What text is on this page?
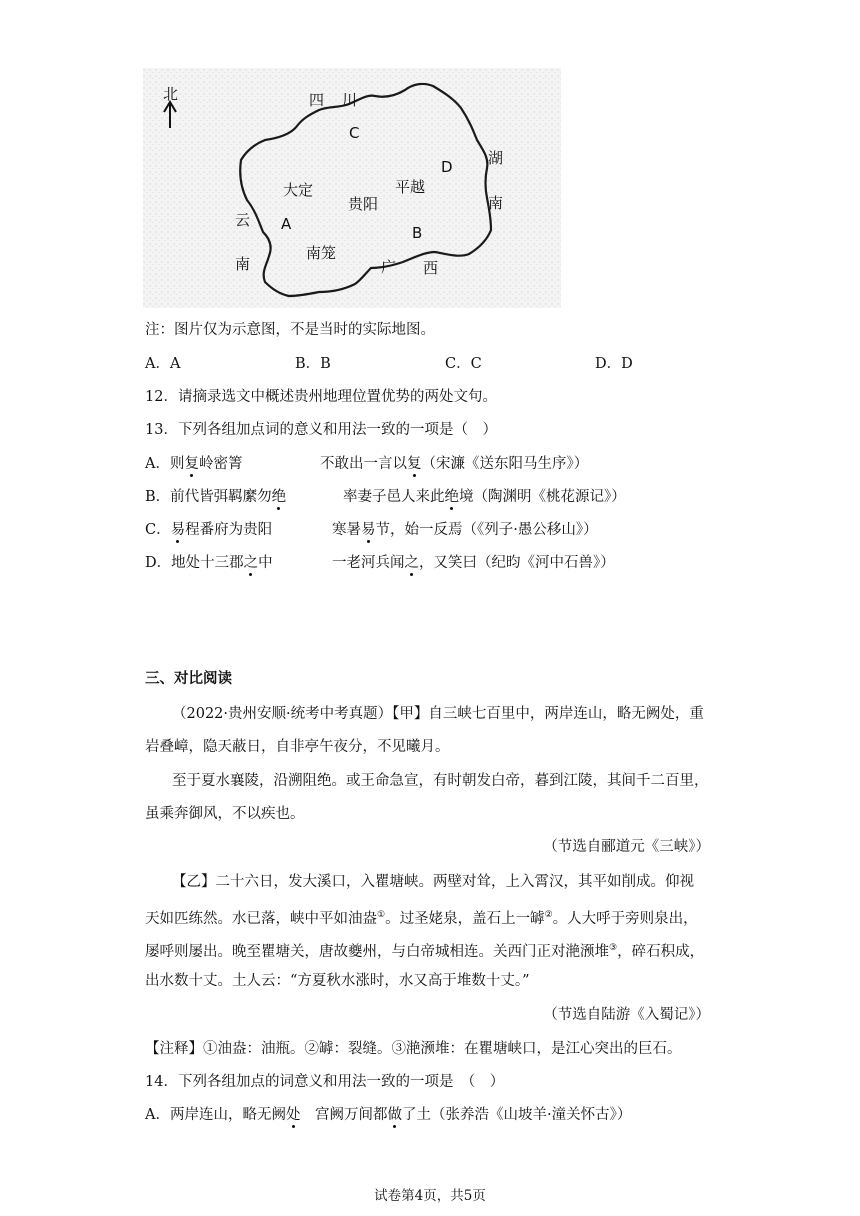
北	四 川
湖
南
云
南	广 西
大定
贵阳
平越
南笼
A	B
C
D
注：图片仅为示意图，不是当时的实际地图。
A．A	B．B	C．C	D．D
12．请摘录选文中概述贵州地理位置优势的两处文句。
13．下列各组加点词的意义和用法一致的一项是（　）
A．则复岭密箐	不敢出一言以复（宋濂《送东阳马生序》）
B．前代皆弭羁縻勿绝	率妻子邑人来此绝境（陶渊明《桃花源记》）
C．易程番府为贵阳	寒暑易节，始一反焉（《列子·愚公移山》）
D．地处十三郡之中	一老河兵闻之，又笑曰（纪昀《河中石兽》）
三、对比阅读
（2022·贵州安顺·统考中考真题）【甲】自三峡七百里中，两岸连山，略无阙处，重
岩叠嶂，隐天蔽日，自非亭午夜分，不见曦月。
至于夏水襄陵，沿溯阻绝。或王命急宣，有时朝发白帝，暮到江陵，其间千二百里，
虽乘奔御风，不以疾也。
（节选自郦道元《三峡》）
【乙】二十六日，发大溪口，入瞿塘峡。两壁对耸，上入霄汉，其平如削成。仰视
天如匹练然。水已落，峡中平如油盎①。过圣姥泉，盖石上一罅②。人大呼于旁则泉出，
屡呼则屡出。晚至瞿塘关，唐故夔州，与白帝城相连。关西门正对滟滪堆③，碎石积成，
出水数十丈。土人云：“方夏秋水涨时，水又高于堆数十丈。”
（节选自陆游《入蜀记》）
【注释】①油盎：油瓶。②罅：裂缝。③滟滪堆：在瞿塘峡口，是江心突出的巨石。
14．下列各组加点的词意义和用法一致的一项是　（　）
A．两岸连山，略无阙处　宫阙万间都做了土（张养浩《山坡羊·潼关怀古》）
试卷第4页，共5页
